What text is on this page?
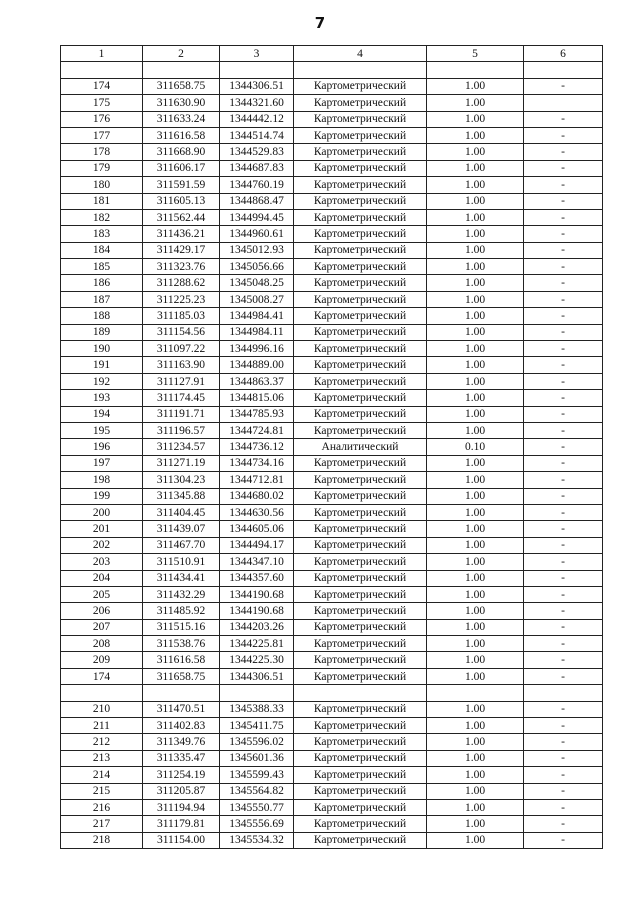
7
1	2	3	4	5	6

174	311658.75	1344306.51	Картометрический	1.00	-
175	311630.90	1344321.60	Картометрический	1.00	
176	311633.24	1344442.12	Картометрический	1.00	-
177	311616.58	1344514.74	Картометрический	1.00	-
178	311668.90	1344529.83	Картометрический	1.00	-
179	311606.17	1344687.83	Картометрический	1.00	-
180	311591.59	1344760.19	Картометрический	1.00	-
181	311605.13	1344868.47	Картометрический	1.00	-
182	311562.44	1344994.45	Картометрический	1.00	-
183	311436.21	1344960.61	Картометрический	1.00	-
184	311429.17	1345012.93	Картометрический	1.00	-
185	311323.76	1345056.66	Картометрический	1.00	-
186	311288.62	1345048.25	Картометрический	1.00	-
187	311225.23	1345008.27	Картометрический	1.00	-
188	311185.03	1344984.41	Картометрический	1.00	-
189	311154.56	1344984.11	Картометрический	1.00	-
190	311097.22	1344996.16	Картометрический	1.00	-
191	311163.90	1344889.00	Картометрический	1.00	-
192	311127.91	1344863.37	Картометрический	1.00	-
193	311174.45	1344815.06	Картометрический	1.00	-
194	311191.71	1344785.93	Картометрический	1.00	-
195	311196.57	1344724.81	Картометрический	1.00	-
196	311234.57	1344736.12	Аналитический	0.10	-
197	311271.19	1344734.16	Картометрический	1.00	-
198	311304.23	1344712.81	Картометрический	1.00	-
199	311345.88	1344680.02	Картометрический	1.00	-
200	311404.45	1344630.56	Картометрический	1.00	-
201	311439.07	1344605.06	Картометрический	1.00	-
202	311467.70	1344494.17	Картометрический	1.00	-
203	311510.91	1344347.10	Картометрический	1.00	-
204	311434.41	1344357.60	Картометрический	1.00	-
205	311432.29	1344190.68	Картометрический	1.00	-
206	311485.92	1344190.68	Картометрический	1.00	-
207	311515.16	1344203.26	Картометрический	1.00	-
208	311538.76	1344225.81	Картометрический	1.00	-
209	311616.58	1344225.30	Картометрический	1.00	-
174	311658.75	1344306.51	Картометрический	1.00	-

210	311470.51	1345388.33	Картометрический	1.00	-
211	311402.83	1345411.75	Картометрический	1.00	-
212	311349.76	1345596.02	Картометрический	1.00	-
213	311335.47	1345601.36	Картометрический	1.00	-
214	311254.19	1345599.43	Картометрический	1.00	-
215	311205.87	1345564.82	Картометрический	1.00	-
216	311194.94	1345550.77	Картометрический	1.00	-
217	311179.81	1345556.69	Картометрический	1.00	-
218	311154.00	1345534.32	Картометрический	1.00	-
